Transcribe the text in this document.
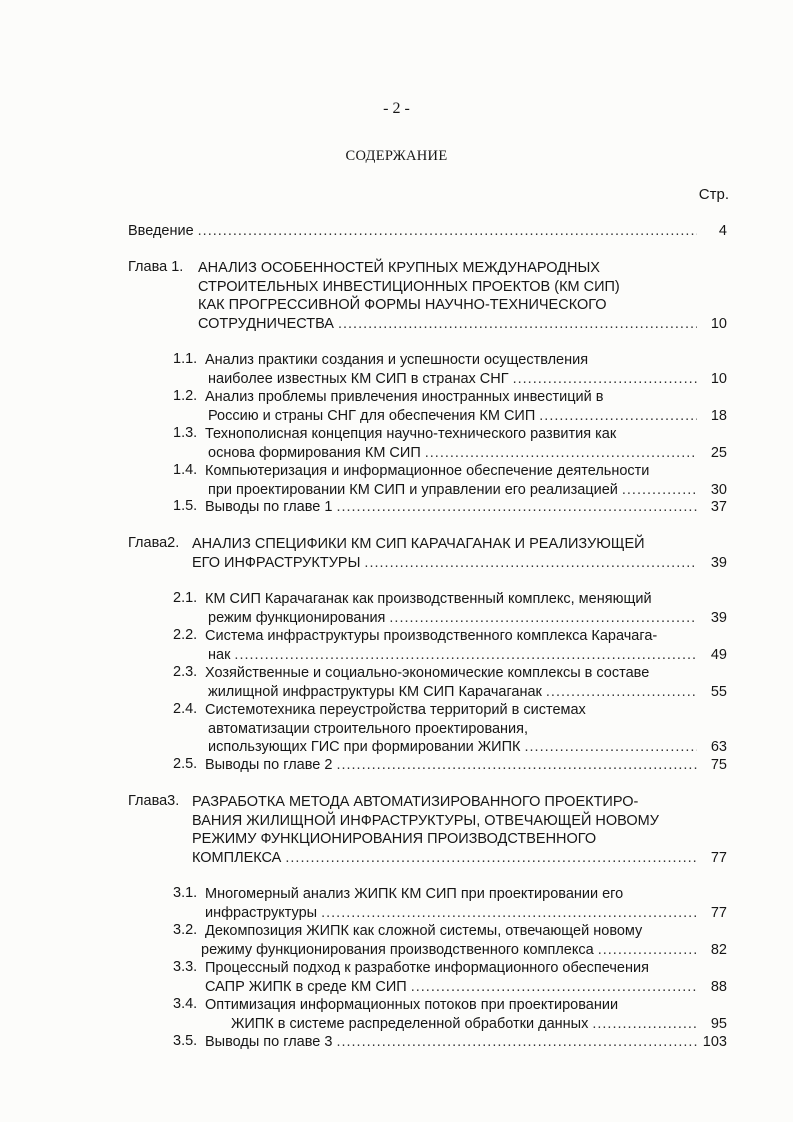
- 2 -
СОДЕРЖАНИЕ
Стр.
Введение .....	4
Глава 1. АНАЛИЗ ОСОБЕННОСТЕЙ КРУПНЫХ МЕЖДУНАРОДНЫХ
СТРОИТЕЛЬНЫХ ИНВЕСТИЦИОННЫХ ПРОЕКТОВ (КМ СИП)
КАК ПРОГРЕССИВНОЙ ФОРМЫ НАУЧНО-ТЕХНИЧЕСКОГО
СОТРУДНИЧЕСТВА .....	10
1.1. Анализ практики создания и успешности осуществления
наиболее известных КМ СИП в странах СНГ .....	10
1.2. Анализ проблемы привлечения иностранных инвестиций в
Россию и страны СНГ для обеспечения КМ СИП .....	18
1.3. Технополисная концепция научно-технического развития как
основа формирования КМ СИП .....	25
1.4. Компьютеризация и информационное обеспечение деятельности
при проектировании КМ СИП и управлении его реализацией .....	30
1.5. Выводы по главе 1 .....	37
Глава2. АНАЛИЗ СПЕЦИФИКИ КМ СИП КАРАЧАГАНАК И РЕАЛИЗУЮЩЕЙ
ЕГО ИНФРАСТРУКТУРЫ .....	39
2.1. КМ СИП Карачаганак как производственный комплекс, меняющий
режим функционирования .....	39
2.2. Система инфраструктуры производственного комплекса Карачага-
нак .....	49
2.3. Хозяйственные и социально-экономические комплексы в составе
жилищной инфраструктуры КМ СИП Карачаганак .....	55
2.4. Системотехника переустройства территорий в системах
автоматизации строительного проектирования,
использующих ГИС при формировании ЖИПК .....	63
2.5. Выводы по главе 2 .....	75
Глава3. РАЗРАБОТКА МЕТОДА АВТОМАТИЗИРОВАННОГО ПРОЕКТИРО-
ВАНИЯ ЖИЛИЩНОЙ ИНФРАСТРУКТУРЫ, ОТВЕЧАЮЩЕЙ НОВОМУ
РЕЖИМУ ФУНКЦИОНИРОВАНИЯ ПРОИЗВОДСТВЕННОГО
КОМПЛЕКСА .....	77
3.1. Многомерный анализ ЖИПК КМ СИП при проектировании его
инфраструктуры .....	77
3.2. Декомпозиция ЖИПК как сложной системы, отвечающей новому
режиму функционирования производственного комплекса .....	82
3.3. Процессный подход к разработке информационного обеспечения
САПР ЖИПК в среде КМ СИП .....	88
3.4. Оптимизация информационных потоков при проектировании
ЖИПК в системе распределенной обработки данных .....	95
3.5. Выводы по главе 3 .....	103
